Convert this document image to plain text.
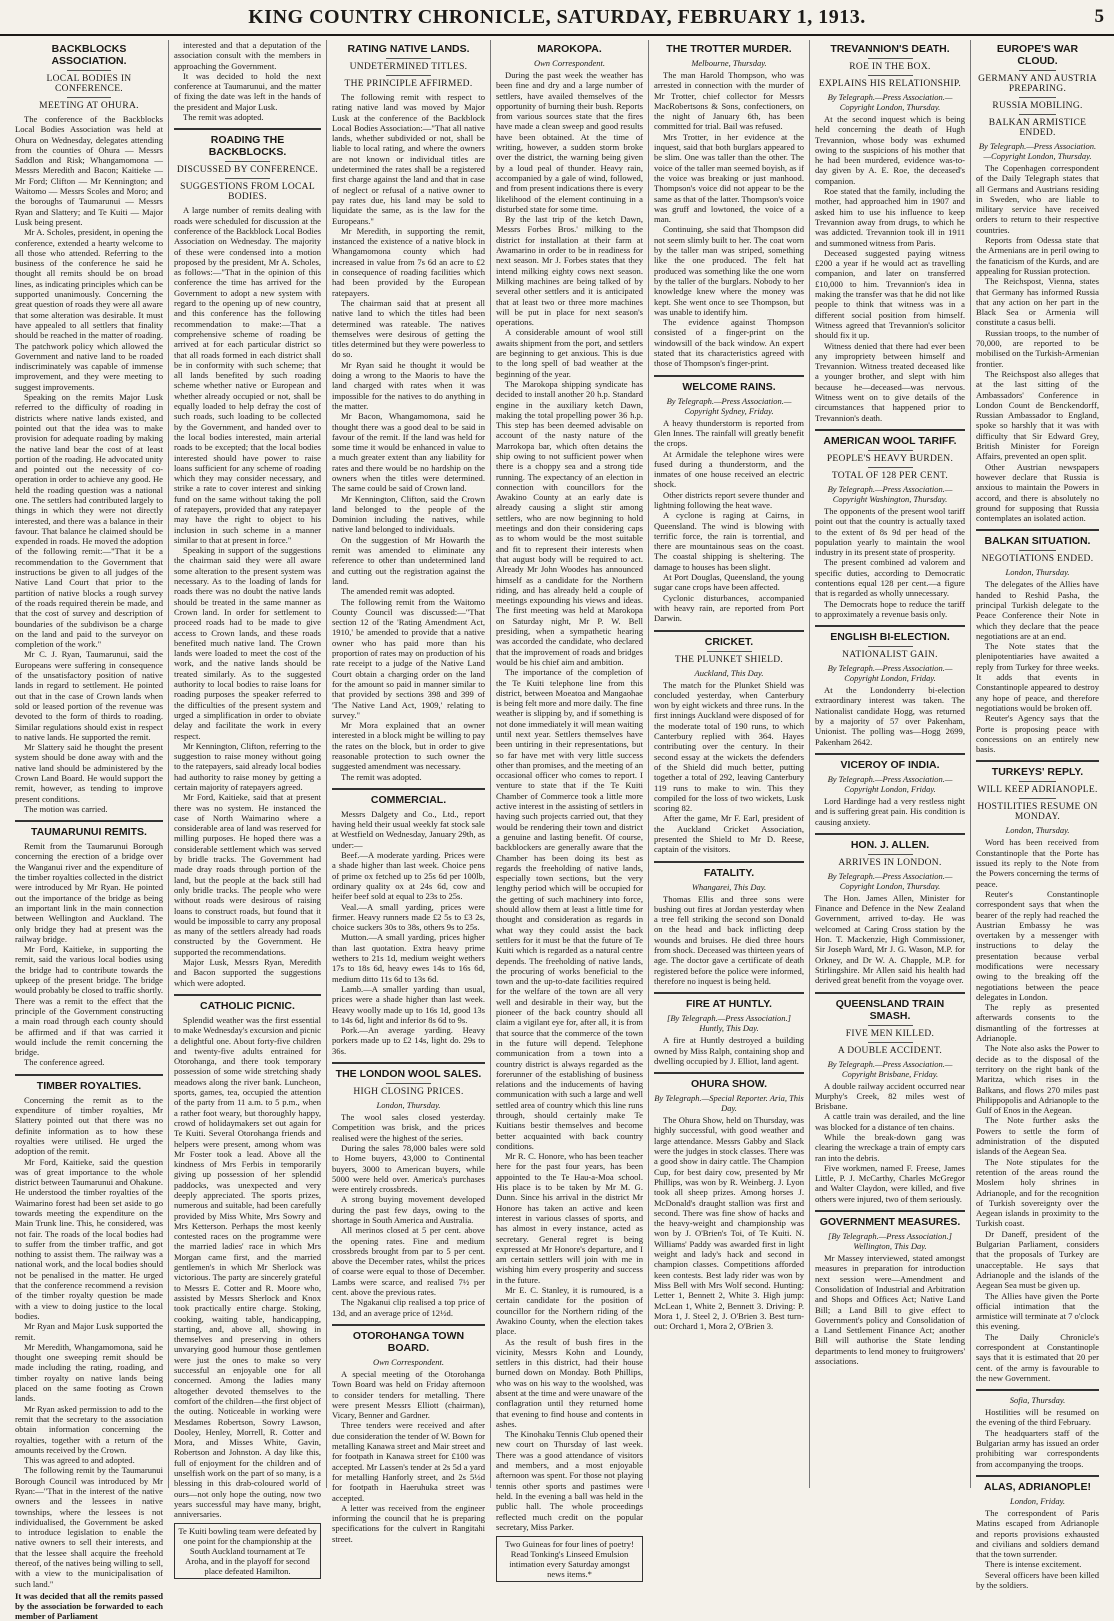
KING COUNTRY CHRONICLE, SATURDAY, FEBRUARY 1, 1913.	5
BACKBLOCKS ASSOCIATION.
LOCAL BODIES IN CONFERENCE.
MEETING AT OHURA.

The conference of the Backblocks Local Bodies Association was held at Ohura on Wednesday, delegates attending from the counties of Ohura — Messrs Saddlon and Risk; Whangamomona — Messrs Meredith and Bacon; Kaitieke — Mr Ford; Clifton — Mr Kennington; and Waitomo — Messrs Scoles and Moro; and the boroughs of Taumarunui — Messrs Ryan and Slattery; and Te Kuiti — Major Lusk being present.

Mr A. Scholes, president, in opening the conference, extended a hearty welcome to all those who attended. Referring to the business of the conference he said he thought all remits should be on broad lines, as indicating principles which can be supported unanimously. Concerning the great question of roads they were all aware that some alteration was desirable. It must have appealed to all settlers that finality should be reached in the matter of roading. The patchwork policy which allowed the Government and native land to be roaded indiscriminately was capable of immense improvement, and they were meeting to suggest improvements.

Speaking on the remits Major Lusk referred to the difficulty of roading in districts where native lands existed, and pointed out that the idea was to make provision for adequate roading by making the native land bear the cost of at least portion of the roading. He advocated unity and pointed out the necessity of co-operation in order to achieve any good. He held the roading question was a national one. The settlers had contributed largely to things in which they were not directly interested, and there was a balance in their favour. That balance he claimed should be expended in roads. He moved the adoption of the following remit:—"That it be a recommendation to the Government that instructions be given to all judges of the Native Land Court that prior to the partition of native blocks a rough survey of the roads required therein be made, and that the cost of survey and description of boundaries of the subdivison be a charge on the land and paid to the surveyor on completion of the work."

Mr C. J. Ryan, Taumarunui, said the Europeans were suffering in consequence of the unsatisfactory position of native lands in regard to settlement. He pointed out that in the case of Crown lands when sold or leased portion of the revenue was devoted to the form of thirds to roading. Similar regulations should exist in respect to native lands. He supported the remit.

Mr Slattery said he thought the present system should be done away with and the native land should be administered by the Crown Land Board. He would support the remit, however, as tending to improve present conditions.

The motion was carried.

TAUMARUNUI REMITS.

Remit from the Taumarunui Borough concerning the erection of a bridge over the Wanganui river and the expenditure of the timber royalties collected in the district were introduced by Mr Ryan. He pointed out the importance of the bridge as being an important link in the main connection between Wellington and Auckland. The only bridge they had at present was the railway bridge.

Mr Ford, Kaitieke, in supporting the remit, said the various local bodies using the bridge had to contribute towards the upkeep of the present bridge. The bridge would probably be closed to traffic shortly. There was a remit to the effect that the principle of the Government constructing a main road through each county should be affirmed and if that was carried it would include the remit concerning the bridge.

The conference agreed.

TIMBER ROYALTIES.

Concerning the remit as to the expenditure of timber royalties, Mr Slattery pointed out that there was no definite information as to how these royalties were utilised. He urged the adoption of the remit.

Mr Ford, Kaitieke, said the question was of great importance to the whole district between Taumarunui and Ohakune. He understood the timber royalties of the Waimarino forest had been set aside to go towards meeting the expenditure on the Main Trunk line. This, he considered, was not fair. The roads of the local bodies had to suffer from the timber traffic, and got nothing to assist them. The railway was a national work, and the local bodies should not be penalised in the matter. He urged that the conference recommend a revision of the timber royalty question be made with a view to doing justice to the local bodies.

Mr Ryan and Major Lusk supported the remit.

Mr Meredith, Whangamomona, said he thought one sweeping remit should be made including the rating, roading, and timber royalty on native lands being placed on the same footing as Crown lands.

Mr Ryan asked permission to add to the remit that the secretary to the association obtain information concerning the royalties, together with a return of the amounts received by the Crown.

This was agreed to and adopted.

The following remit by the Taumarunui Borough Council was introduced by Mr Ryan:—"That in the interest of the native owners and the lessees in native townships, where the lessees is not individualised, the Government be asked to introduce legislation to enable the native owners to sell their interests, and that the lessee shall acquire the freehold thereof, of the natives being willing to sell, with a view to the municipalisation of such land."

It was decided that all the remits passed by the association be forwarded to each member of Parliament

interested and that a deputation of the association consult with the members in approaching the Government.

It was decided to hold the next conference at Taumarunui, and the matter of fixing the date was left in the hands of the president and Major Lusk.

The remit was adopted.

ROADING THE BACKBLOCKS.
DISCUSSED BY CONFERENCE.
SUGGESTIONS FROM LOCAL BODIES.

A large number of remits dealing with roads were scheduled for discussion at the conference of the Backblock Local Bodies Association on Wednesday. The majority of these were condensed into a motion proposed by the president, Mr A. Scholes, as follows:—"That in the opinion of this conference the time has arrived for the Government to adopt a new system with regard to the opening up of new country, and this conference has the following recommendation to make:—That a comprehensive scheme of roading be arrived at for each particular district so that all roads formed in each district shall be in conformity with such scheme; that all lands benefited by such roading scheme whether native or European and whether already occupied or not, shall be equally loaded to help defray the cost of such roads, such loading to be collected by the Government, and handed over to the local bodies interested, main arterial roads to be excepted; that the local bodies interested should have power to raise loans sufficient for any scheme of roading which they may consider necessary, and strike a rate to cover interest and sinking fund on the same without taking the poll of ratepayers, provided that any ratepayer may have the right to object to his inclusion in such scheme in a manner similar to that at present in force."

Speaking in support of the suggestions the chairman said they were all aware some alteration to the present system was necessary. As to the loading of lands for roads there was no doubt the native lands should be treated in the same manner as Crown land. In order for settlement to proceed roads had to be made to give access to Crown lands, and these roads benefited much native land. The Crown lands were loaded to meet the cost of the work, and the native lands should be treated similarly. As to the suggested authority to local bodies to raise loans for roading purposes the speaker referred to the difficulties of the present system and urged a simplification in order to obviate delay and facilitate the work in every respect.

Mr Kennington, Clifton, referring to the suggestion to raise money without going to the ratepayers, said already local bodies had authority to raise money by getting a certain majority of ratepayers agreed.

Mr Ford, Kaitieke, said that at present there was no system. He instanced the case of North Waimarino where a considerable area of land was reserved for milling purposes. He hoped there was a considerable settlement which was served by bridle tracks. The Government had made dray roads through portion of the land, but the people at the back still had only bridle tracks. The people who were without roads were desirous of raising loans to construct roads, but found that it would be impossible to carry any proposal as many of the settlers already had roads constructed by the Government. He supported the recommendations.

Major Lusk, Messrs Ryan, Meredith and Bacon supported the suggestions which were adopted.

CATHOLIC PICNIC.

Splendid weather was the first essential to make Wednesday's excursion and picnic a delightful one. About forty-five children and twenty-five adults entrained for Otorohanga, and there took temporary possession of some wide stretching shady meadows along the river bank. Luncheon, sports, games, tea, occupied the attention of the party from 11 a.m. to 5 p.m., when a rather foot weary, but thoroughly happy, crowd of holidaymakers set out again for Te Kuiti. Several Otorohanga friends and helpers were present, among whom was Mr Foster took a lead. Above all the kindness of Mrs Ferbis in temporarily giving up possession of her splendid paddocks, was unexpected and very deeply appreciated. The sports prizes, numerous and suitable, had been carefully provided by Miss White, Mrs Sowry and Mrs Ketterson. Perhaps the most keenly contested races on the programme were the married ladies' race in which Mrs Morgan came first, and the married gentlemen's in which Mr Sherlock was victorious. The party are sincerely grateful to Messrs E. Cotter and R. Moore who, assisted by Messrs Sherlock and Knox took practically entire charge. Stoking, cooking, waiting table, handicapping, starting, and, above all, showing in themselves and preserving in others unvarying good humour those gentlemen were just the ones to make so very successful an enjoyable one for all concerned. Among the ladies many altogether devoted themselves to the comfort of the children—the first object of the outing. Noticeable in working were Mesdames Robertson, Sowry Lawson, Dooley, Henley, Morrell, R. Cotter and Mora, and Misses White, Gavin, Robertson and Johnston. A day like this, full of enjoyment for the children and of unselfish work on the part of so many, is a blessing in this drab-coloured world of ours—not only hope the outing, now two years successful may have many, bright, anniversaries.

Te Kuiti bowling team were defeated by one point for the championship at the South Auckland tournament at Te Aroha, and in the playoff for second place defeated Hamilton.
RATING NATIVE LANDS.
UNDETERMINED TITLES.
THE PRINCIPLE AFFIRMED.

The following remit with respect to rating native land was moved by Major Lusk at the conference of the Backblock Local Bodies Association:—"That all native lands, whether subdivided or not, shall be liable to local rating, and where the owners are not known or individual titles are undetermined the rates shall be a registered first charge against the land and that in case of neglect or refusal of a native owner to pay rates due, his land may be sold to liquidate the same, as is the law for the Europeans."

Mr Meredith, in supporting the remit, instanced the existence of a native block in Whangamomona county which had increased in value from 7s 6d an acre to £2 in consequence of roading facilities which had been provided by the European ratepayers.

The chairman said that at present all native land to which the titles had been determined was rateable. The natives themselves were desirous of getting the titles determined but they were powerless to do so.

Mr Ryan said he thought it would be doing a wrong to the Maoris to have the land charged with rates when it was impossible for the natives to do anything in the matter.

Mr Bacon, Whangamomona, said he thought there was a good deal to be said in favour of the remit. If the land was held for some time it would be enhanced in value to a much greater extent than any liability for rates and there would be no hardship on the owners when the titles were determined. The same could be said of Crown land.

Mr Kennington, Clifton, said the Crown land belonged to the people of the Dominion including the natives, while native land belonged to individuals.

On the suggestion of Mr Howarth the remit was amended to eliminate any reference to other than undetermined land and cutting out the registration against the land.

The amended remit was adopted.

The following remit from the Waitomo County Council was discussed:—"That section 12 of the 'Rating Amendment Act, 1910,' be amended to provide that a native owner who has paid more than his proportion of rates may on production of his rate receipt to a judge of the Native Land Court obtain a charging order on the land for the amount so paid in manner similar to that provided by sections 398 and 399 of 'The Native Land Act, 1909,' relating to survey."

Mr Mora explained that an owner interested in a block might be willing to pay the rates on the block, but in order to give reasonable protection to such owner the suggested amendment was necessary.

The remit was adopted.

COMMERCIAL.

Messrs Dalgety and Co., Ltd., report having held their usual weekly fat stock sale at Westfield on Wednesday, January 29th, as under:—

Beef.—A moderate yarding. Prices were a shade higher than last week. Choice pens of prime ox fetched up to 25s 6d per 100lb, ordinary quality ox at 24s 6d, cow and heifer beef sold at equal to 23s to 25s.

Veal.—A small yarding, prices were firmer. Heavy runners made £2 5s to £3 2s, choice suckers 30s to 38s, others 9s to 25s.

Mutton.—A small yarding, prices higher than last quotation. Extra heavy prime wethers to 21s 1d, medium weight wethers 17s to 18s 6d, heavy ewes 14s to 16s 6d, medium ditto 11s 6d to 13s 6d.

Lamb.—A smaller yarding than usual, prices were a shade higher than last week. Heavy woolly made up to 16s 1d, good 13s to 14s 6d, light and inferior 8s 6d to 9s.

Pork.—An average yarding. Heavy porkers made up to £2 14s, light do. 29s to 36s.

THE LONDON WOOL SALES.
HIGH CLOSING PRICES.
London, Thursday.

The wool sales closed yesterday. Competition was brisk, and the prices realised were the highest of the series.

During the sales 78,000 bales were sold to Home buyers, 43,000 to Continental buyers, 3000 to American buyers, while 5000 were held over. America's purchases were entirely crossbreds.

A strong buying movement developed during the past few days, owing to the shortage in South America and Australia.

All merinos closed at 5 per cent. above the opening rates. Fine and medium crossbreds brought from par to 5 per cent. above the December rates, whilst the prices of coarse were equal to those of December. Lambs were scarce, and realised 7½ per cent. above the previous rates.

The Ngakanui clip realised a top price of 13d, and an average price of 12½d.

OTOROHANGA TOWN BOARD.
Own Correspondent.

A special meeting of the Otorohanga Town Board was held on Friday afternoon to consider tenders for metalling. There were present Messrs Elliott (chairman), Vicary, Benner and Gardner.

Three tenders were received and after due consideration the tender of W. Bown for metalling Kanawa street and Mair street and for footpath in Kanawa street for £100 was accepted. Mr Lassen's tender at 2s 5d a yard for metalling Hanforly street, and 2s 5½d for footpath in Haeruhuka street was accepted.

A letter was received from the engineer informing the council that he is preparing specifications for the culvert in Rangitahi street.

MAROKOPA.
Own Correspondent.

During the past week the weather has been fine and dry and a large number of settlers, have availed themselves of the opportunity of burning their bush. Reports from various sources state that the fires have made a clean sweep and good results have been obtained. At the time of writing, however, a sudden storm broke over the district, the warning being given by a loud peal of thunder. Heavy rain, accompanied by a gale of wind, followed, and from present indications there is every likelihood of the element continuing in a disturbed state for some time.

By the last trip of the ketch Dawn, Messrs Forbes Bros.' milking to the district for installation at their farm at Awamarino in order to be in readiness for next season. Mr J. Forbes states that they intend milking eighty cows next season. Milking machines are being talked of by several other settlers and it is anticipated that at least two or three more machines will be put in place for next season's operations.

A considerable amount of wool still awaits shipment from the port, and settlers are beginning to get anxious. This is due to the long spell of bad weather at the beginning of the year.

The Marokopa shipping syndicate has decided to install another 20 h.p. Standard engine in the auxiliary ketch Dawn, making the total propelling power 36 h.p. This step has been deemed advisable on account of the nasty nature of the Marrokopa bar, which often detains the ship owing to not sufficient power when there is a choppy sea and a strong tide running. The expectancy of an election in connection with councillors for the Awakino County at an early date is already causing a slight stir among settlers, who are now beginning to hold meetings and don their considering caps as to whom would be the most suitable and fit to represent their interests when that august body will be required to act. Already Mr John Woodes has announced himself as a candidate for the Northern riding, and has already held a couple of meetings expounding his views and ideas. The first meeting was held at Marokopa on Saturday night, Mr P. W. Bell presiding, when a sympathetic hearing was accorded the candidate, who declared that the improvement of roads and bridges would be his chief aim and ambition.

The importance of the completion of the Te Kuiti telephone line from this district, between Moeatoa and Mangaohae is being felt more and more daily. The fine weather is slipping by, and if something is not done immediately it will mean waiting until next year. Settlers themselves have been untiring in their representations, but so far have met with very little success other than promises, and the meeting of an occasional officer who comes to report. I venture to state that if the Te Kuiti Chamber of Commerce took a little more active interest in the assisting of settlers in having such projects carried out, that they would be rendering their town and district a genuine and lasting benefit. Of course, backblockers are generally aware that the Chamber has been doing its best as regards the freeholding of native lands, especially town sections, but the very lengthy period which will be occupied for the getting of such machinery into force, should allow them at least a little time for thought and consideration as regards in what way they could assist the back settlers for it must be that the future of Te Kuiti which is regarded as a natural centre depends. The freeholding of native lands, the procuring of works beneficial to the town and the up-to-date facilities required for the welfare of the town are all very well and desirable in their way, but the pioneer of the back country should all claim a vigilant eye for, after all, it is from that source that the commerce of the town in the future will depend. Telephone communication from a town into a country district is always regarded as the forerunner of the establishing of business relations and the inducements of having communication with such a large and well settled area of country which this line runs through, should certainly make Te Kuitians bestir themselves and become better acquainted with back country conditions.

Mr R. C. Honore, who has been teacher here for the past four years, has been appointed to the Te Hau-a-Moa school. His place is to be taken by Mr M. G. Dunn. Since his arrival in the district Mr Honore has taken an active and keen interest in various classes of sports, and has almost in every instance, acted as secretary. General regret is being expressed at Mr Honore's departure, and I am certain settlers will join with me in wishing him every prosperity and success in the future.

Mr E. C. Stanley, it is rumoured, is a certain candidate for the position of councillor for the Northern riding of the Awakino County, when the election takes place.

As the result of bush fires in the vicinity, Messrs Kohn and Loundy, settlers in this district, had their house burned down on Monday. Both Phillips, who was on his way to the woolshed, was absent at the time and were unaware of the conflagration until they returned home that evening to find house and contents in ashes.

The Kinohaku Tennis Club opened their new court on Thursday of last week. There was a good attendance of visitors and members, and a most enjoyable afternoon was spent. For those not playing tennis other sports and pastimes were held. In the evening a ball was held in the public hall. The whole proceedings reflected much credit on the popular secretary, Miss Parker.

Two Guineas for four lines of poetry! Read Tonking's Linseed Emulsion intimation every Saturday amongst news items.*
THE TROTTER MURDER.
Melbourne, Thursday.

The man Harold Thompson, who was arrested in connection with the murder of Mr Trotter, chief collector for Messrs MacRobertsons & Sons, confectioners, on the night of January 6th, has been committed for trial. Bail was refused.

Mrs Trotter, in her evidence at the inquest, said that both burglars appeared to be slim. One was taller than the other. The voice of the taller man seemed boyish, as if the voice was breaking or just manhood. Thompson's voice did not appear to be the same as that of the latter. Thompson's voice was gruff and lowtoned, the voice of a man.

Continuing, she said that Thompson did not seem slimly built to her. The coat worn by the taller man was striped, something like the one produced. The felt hat produced was something like the one worn by the taller of the burglars. Nobody to her knowledge knew where the money was kept. She went once to see Thompson, but was unable to identify him.

The evidence against Thompson consisted of a finger-print on the windowsill of the back window. An expert stated that its characteristics agreed with those of Thompson's finger-print.

WELCOME RAINS.
By Telegraph.—Press Association.—Copyright Sydney, Friday.

A heavy thunderstorm is reported from Glen Innes. The rainfall will greatly benefit the crops.

At Armidale the telephone wires were fused during a thunderstorm, and the inmates of one house received an electric shock.

Other districts report severe thunder and lightning following the heat wave.

A cyclone is raging at Cairns, in Queensland. The wind is blowing with terrific force, the rain is torrential, and there are mountainous seas on the coast. The coastal shipping is sheltering. The damage to houses has been slight.

At Port Douglas, Queensland, the young sugar cane crops have been affected.

Cyclonic disturbances, accompanied with heavy rain, are reported from Port Darwin.

CRICKET.
THE PLUNKET SHIELD.
Auckland, This Day.

The match for the Plunket Shield was concluded yesterday, when Canterbury won by eight wickets and three runs. In the first innings Auckland were disposed of for the moderate total of 190 runs, to which Canterbury replied with 364. Hayes contributing over the century. In their second essay at the wickets the defenders of the Shield did much better, putting together a total of 292, leaving Canterbury 119 runs to make to win. This they compiled for the loss of two wickets, Lusk scoring 82.

After the game, Mr F. Earl, president of the Auckland Cricket Association, presented the Shield to Mr D. Reese, captain of the visitors.

FATALITY.
Whangarei, This Day.

Thomas Ellis and three sons were bushing out fires at Jordan yesterday when a tree fell striking the second son Donald on the head and back inflicting deep wounds and bruises. He died three hours from shock. Deceased was thirteen years of age. The doctor gave a certificate of death registered before the police were informed, therefore no inquest is being held.

FIRE AT HUNTLY.
[By Telegraph.—Press Association.] Huntly, This Day.

A fire at Huntly destroyed a building owned by Miss Ralph, containing shop and dwelling occupied by J. Elliot, land agent.

OHURA SHOW.
By Telegraph.—Special Reporter. Aria, This Day.

The Ohura Show, held on Thursday, was highly successful, with good weather and large attendance. Messrs Gabby and Slack were the judges in stock classes. There was a good show in dairy cattle. The Champion Cup, for best dairy cow, presented by Mr Phillips, was won by R. Weinberg. J. Lyon took all sheep prizes. Among horses J. McDonald's draught stallion was first and second. There was fine show of hacks and the heavy-weight and championship was won by J. O'Brien's Toi, of Te Kuiti. N. Williams' Paddy was awarded first in light weight and lady's hack and second in champion classes. Competitions afforded keen contests. Best lady rider was won by Miss Bell with Mrs Wolf second. Hunting: Letter 1, Bennett 2, White 3. High jump: McLean 1, White 2, Bennett 3. Driving: P. Mora 1, J. Steel 2, J. O'Brien 3. Best turn-out: Orchard 1, Mora 2, O'Brien 3.

TREVANNION'S DEATH.
ROE IN THE BOX.
EXPLAINS HIS RELATIONSHIP.
By Telegraph.—Press Association.—Copyright London, Thursday.

At the second inquest which is being held concerning the death of Hugh Trevannion, whose body was exhumed owing to the suspicions of his mother that he had been murdered, evidence was-to-day given by A. E. Roe, the deceased's companion.

Roe stated that the family, including the mother, had approached him in 1907 and asked him to use his influence to keep Trevannion away from drugs, to which he was addicted. Trevannion took ill in 1911 and summoned witness from Paris.

Deceased suggested paying witness £200 a year if he would act as travelling companion, and later on transferred £10,000 to him. Trevannion's idea in making the transfer was that he did not like people to think that witness was in a different social position from himself. Witness agreed that Trevannion's solicitor should fix it up.

Witness denied that there had ever been any impropriety between himself and Trevannion. Witness treated deceased like a younger brother, and slept with him because he—deceased—was nervous. Witness went on to give details of the circumstances that happened prior to Trevannion's death.

AMERICAN WOOL TARIFF.
PEOPLE'S HEAVY BURDEN.
TOTAL OF 128 PER CENT.
By Telegraph.—Press Association.—Copyright Washington, Thursday.

The opponents of the present wool tariff point out that the country is actually taxed to the extent of 8s 9d per head of the population yearly to maintain the wool industry in its present state of prosperity.

The present combined ad valorem and specific duties, according to Democratic contentions equal 128 per cent.—a figure that is regarded as wholly unnecessary.

The Democrats hope to reduce the tariff to approximately a revenue basis only.

ENGLISH BI-ELECTION.
NATIONALIST GAIN.
By Telegraph.—Press Association.—Copyright London, Friday.

At the Londonderry bi-election extraordinary interest was taken. The Nationalist candidate Hogg, was returned by a majority of 57 over Pakenham, Unionist. The polling was—Hogg 2699, Pakenham 2642.

VICEROY OF INDIA.
By Telegraph.—Press Association.—Copyright London, Friday.

Lord Hardinge had a very restless night and is suffering great pain. His condition is causing anxiety.

HON. J. ALLEN.
ARRIVES IN LONDON.
By Telegraph.—Press Association.—Copyright London, Thursday.

The Hon. James Allen, Minister for Finance and Defence in the New Zealand Government, arrived to-day. He was welcomed at Caring Cross station by the Hon. T. Mackenzie, High Commissioner, Sir Joseph Ward, Mr J. G. Wason, M.P. for Orkney, and Dr W. A. Chapple, M.P. for Stirlingshire. Mr Allen said his health had derived great benefit from the voyage over.

QUEENSLAND TRAIN SMASH.
FIVE MEN KILLED.
A DOUBLE ACCIDENT.
By Telegraph.—Press Association.—Copyright Brisbane, Friday.

A double railway accident occurred near Murphy's Creek, 82 miles west of Brisbane.

A cattle train was derailed, and the line was blocked for a distance of ten chains.

While the break-down gang was clearing the wreckage a train of empty cars ran into the debris.

Five workmen, named F. Freese, James Little, P. J. McCarthy, Charles McGregor and Walter Claydon, were killed, and five others were injured, two of them seriously.

GOVERNMENT MEASURES.
[By Telegraph.—Press Association.] Wellington, This Day.

Mr Massey interviewed, stated amongst measures in preparation for introduction next session were—Amendment and Consolidation of Industrial and Arbitration and Shops and Offices Act; Native Land Bill; a Land Bill to give effect to Government's policy and Consolidation of a Land Settlement Finance Act; another Bill will authorise the State lending departments to lend money to fruitgrowers' associations.

EUROPE'S WAR CLOUD.
GERMANY AND AUSTRIA PREPARING.
RUSSIA MOBILING.
BALKAN ARMISTICE ENDED.
By Telegraph.—Press Association.—Copyright London, Thursday.

The Copenhagen correspondent of the Daily Telegraph states that all Germans and Austrians residing in Sweden, who are liable to military service have received orders to return to their respective countries.

Reports from Odessa state that the Armenians are in peril owing to the fanaticism of the Kurds, and are appealing for Russian protection.

The Reichspost, Vienna, states that Germany has informed Russia that any action on her part in the Black Sea or Armenia will constitute a casus belli.

Russian troops, to the number of 70,000, are reported to be mobilised on the Turkish-Armenian frontier.

The Reichspost also alleges that at the last sitting of the Ambassadors' Conference in London Count de Benckendorff, Russian Ambassador to England, spoke so harshly that it was with difficulty that Sir Edward Grey, British Minister for Foreign Affairs, prevented an open split.

Other Austrian newspapers however declare that Russia is anxious to maintain the Powers in accord, and there is absolutely no ground for supposing that Russia contemplates an isolated action.

BALKAN SITUATION.
NEGOTIATIONS ENDED.
London, Thursday.

The delegates of the Allies have handed to Reshid Pasha, the principal Turkish delegate to the Peace Conference their Note in which they declare that the peace negotiations are at an end.

The Note states that the plenipotentiaries have awaited a reply from Turkey for three weeks. It adds that events in Constantinople appeared to destroy any hope of peace, and therefore negotiations would be broken off.

Reuter's Agency says that the Porte is proposing peace with concessions on an entirely new basis.

TURKEYS' REPLY.
WILL KEEP ADRIANOPLE.
HOSTILITIES RESUME ON MONDAY.
London, Thursday.

Word has been received from Constantinople that the Porte has issued its reply to the Note from the Powers concerning the terms of peace.

Reuter's Constantinople correspondent says that when the bearer of the reply had reached the Austrian Embassy he was overtaken by a messenger with instructions to delay the presentation because verbal modifications were necessary owing to the breaking off the negotiations between the peace delegates in London.

The reply as presented afterwards consents to the dismantling of the fortresses at Adrianople.

The Note also asks the Power to decide as to the disposal of the territory on the right bank of the Maritza, which rises in the Balkans, and flows 270 miles past Philippopolis and Adrianople to the Gulf of Enos in the Aegean.

The Note further asks the Powers to settle the form of administration of the disputed islands of the Aegean Sea.

The Note stipulates for the retention of the areas round the Moslem holy shrines in Adrianople, and for the recognition of Turkish sovereignty over the Aegean islands in proximity to the Turkish coast.

Dr Daneff, president of the Bulgarian Parliament, considers that the proposals of Turkey are unacceptable. He says that Adrianople and the islands of the Aegean Sea must be given up.

The Allies have given the Porte official intimation that the armistice will terminate at 7 o'clock this evening.

The Daily Chronicle's correspondent at Constantinople says that it is estimated that 20 per cent. of the army is favourable to the new Government.

Sofia, Thursday.

Hostilities will be resumed on the evening of the third February.

The headquarters staff of the Bulgarian army has issued an order prohibiting war correspondents from accompanying the troops.

ALAS, ADRIANOPLE!
London, Friday.

The correspondent of Paris Matins escaped from Adrianople and reports provisions exhausted and civilians and soldiers demand that the town surrender.

There is intense excitement.

Several officers have been killed by the soldiers.
